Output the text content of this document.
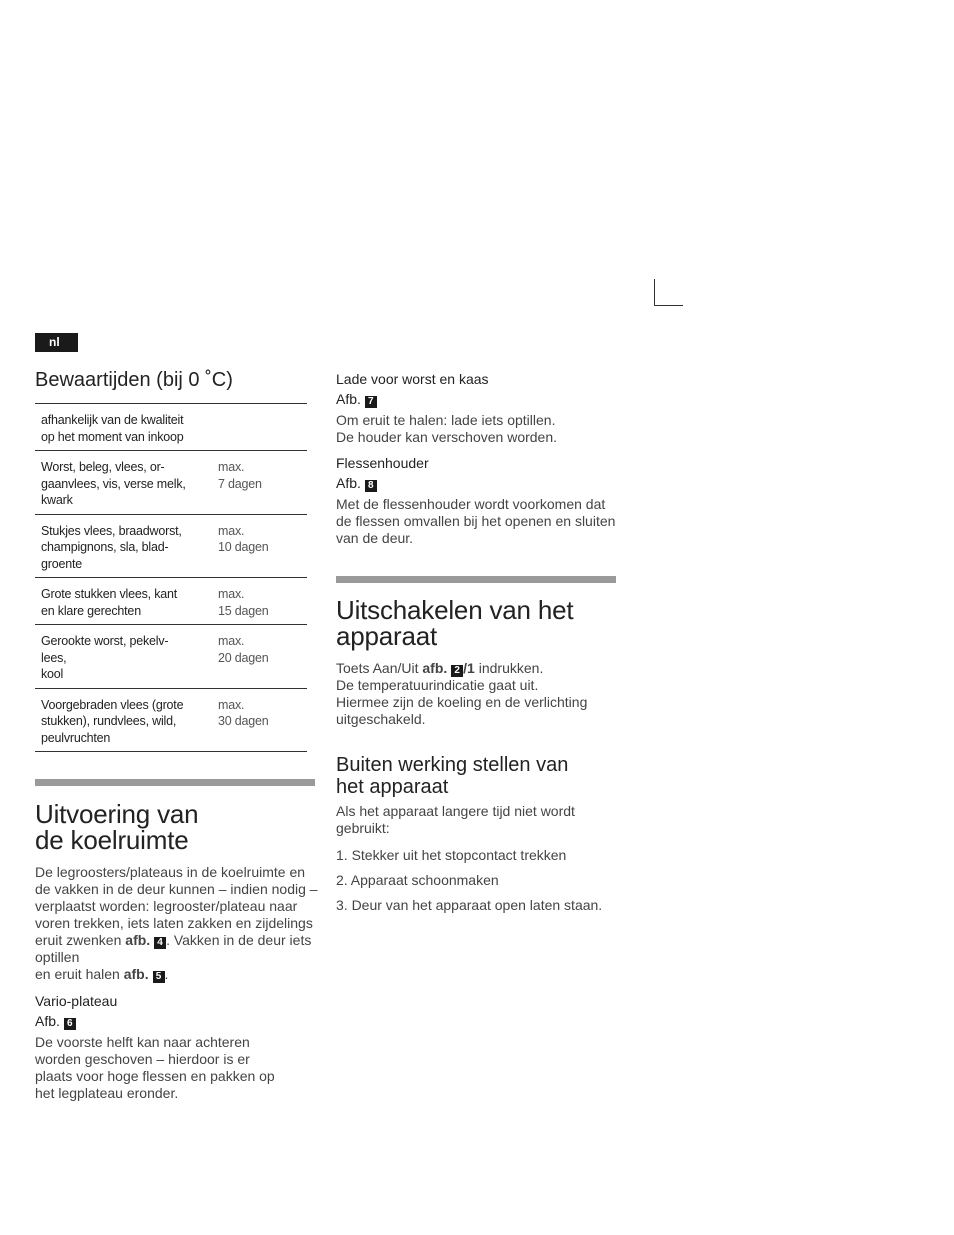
nl
Bewaartijden (bij 0 ˚C)
afhankelijk van de kwaliteit
op het moment van inkoop	
Worst, beleg, vlees, or-
gaanvlees, vis, verse melk,
kwark	max.
7 dagen
Stukjes vlees, braadworst,
champignons, sla, blad-
groente	max.
10 dagen
Grote stukken vlees, kant
en klare gerechten	max.
15 dagen
Gerookte worst, pekelv-
lees,
kool	max.
20 dagen
Voorgebraden vlees (grote
stukken), rundvlees, wild,
peulvruchten	max.
30 dagen
Uitvoering van
de koelruimte

De legroosters/plateaus in de koelruimte en de vakken in de deur kunnen – indien nodig – verplaatst worden: legrooster/plateau naar voren trekken, iets laten zakken en zijdelings eruit zwenken afb. 4 . Vakken in de deur iets optillen
en eruit halen afb. 5 .

Vario-plateau
Afb. 6

De voorste helft kan naar achteren worden geschoven – hierdoor is er plaats voor hoge flessen en pakken op het legplateau eronder.

Lade voor worst en kaas
Afb. 7

Om eruit te halen: lade iets optillen.

De houder kan verschoven worden.

Flessenhouder
Afb. 8

Met de flessenhouder wordt voorkomen dat de flessen omvallen bij het openen en sluiten van de deur.

Uitschakelen van het
apparaat

Toets Aan/Uit afb. 2 /1 indrukken.

De temperatuurindicatie gaat uit.

Hiermee zijn de koeling en de verlichting uitgeschakeld.

Buiten werking stellen van
het apparaat

Als het apparaat langere tijd niet wordt gebruikt:

1. Stekker uit het stopcontact trekken
2. Apparaat schoonmaken
3. Deur van het apparaat open laten staan.
